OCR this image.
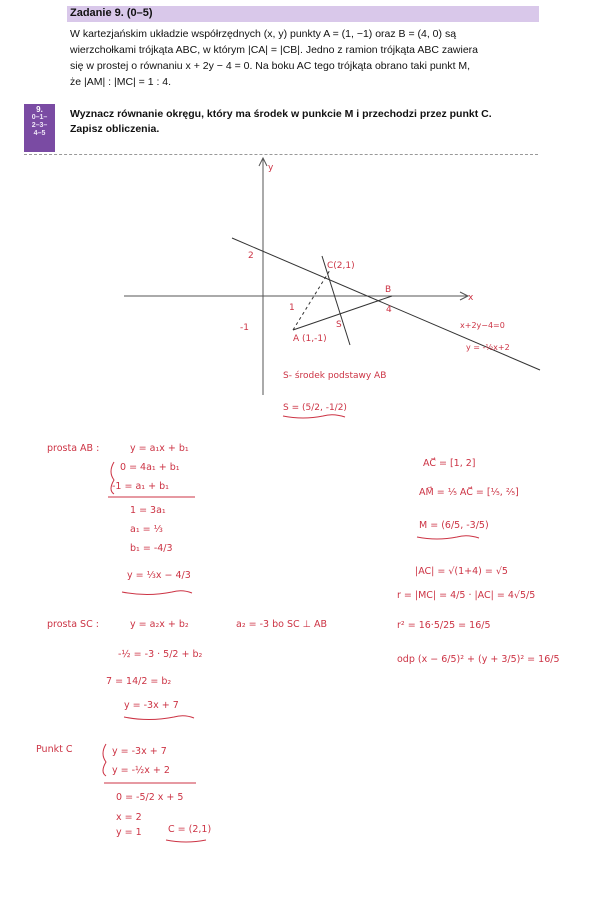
Zadanie 9. (0–5)
W kartezjańskim układzie współrzędnych (x, y) punkty A = (1, −1) oraz B = (4, 0) są
wierzchołkami trójkąta ABC, w którym |CA| = |CB|. Jedno z ramion trójkąta ABC zawiera
się w prostej o równaniu x + 2y − 4 = 0. Na boku AC tego trójkąta obrano taki punkt M,
że |AM| : |MC| = 1 : 4.
9.
0–1–
2–3–
4–5
Wyznacz równanie okręgu, który ma środek w punkcie M i przechodzi przez punkt C.
Zapisz obliczenia.
x
y
2
-1
4
1
C(2,1)
B
A (1,-1)
S	x+2y−4=0
y = -½x+2
S- środek podstawy AB
S = (5/2, -1/2)
prosta AB :	y = a₁x + b₁
0 = 4a₁ + b₁
-1 = a₁ + b₁
1 = 3a₁
a₁ = ⅓
b₁ = -4/3
y = ⅓x − 4/3
prosta SC :	y = a₂x + b₂	a₂ = -3 bo SC ⊥ AB
-½ = -3 · 5/2 + b₂
7 = 14/2 = b₂
y = -3x + 7
Punkt C	y = -3x + 7
y = -½x + 2
0 = -5/2 x + 5
x = 2
y = 1	C = (2,1)
AC⃗ = [1, 2]
AM⃗ = ⅕ AC⃗ = [⅕, ⅖]
M = (6/5, -3/5)
|AC| = √(1+4) = √5
r = |MC| = 4/5 · |AC| = 4√5/5
r² = 16·5/25 = 16/5
odp (x − 6/5)² + (y + 3/5)² = 16/5
